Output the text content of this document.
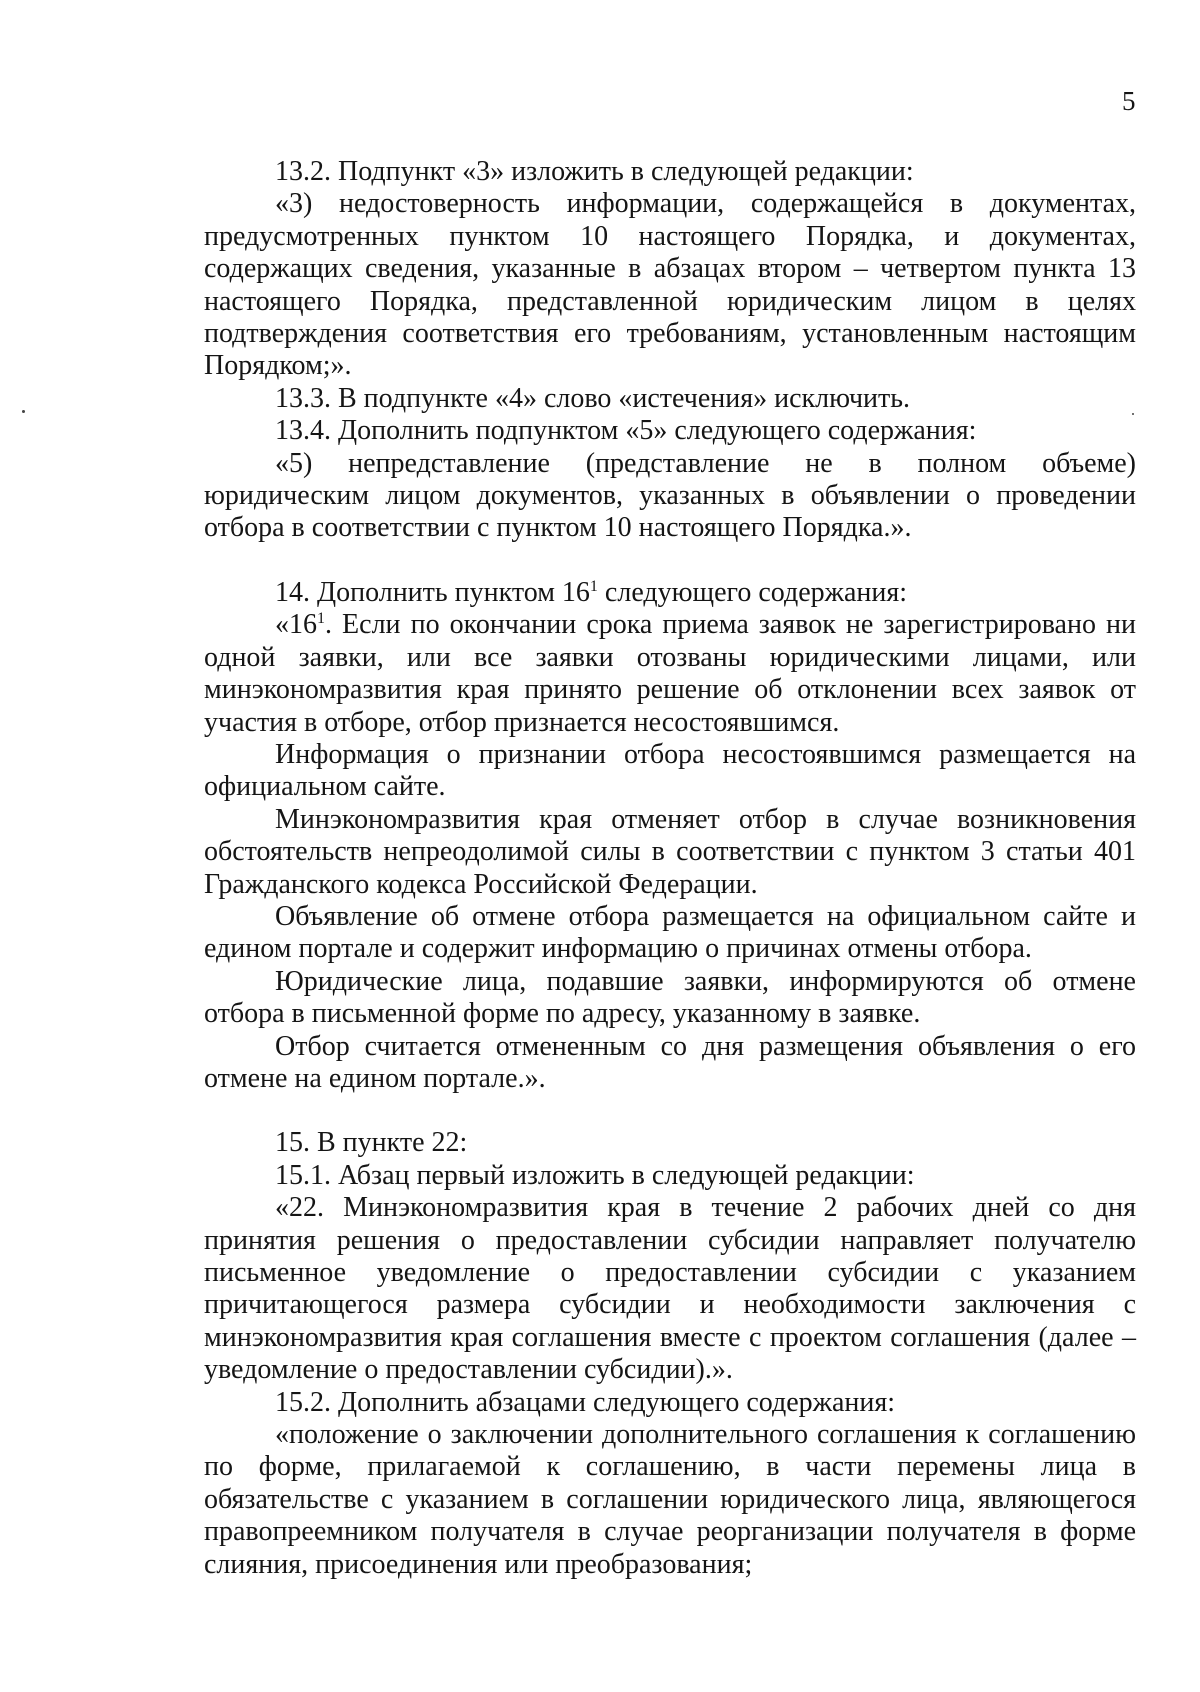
5

13.2. Подпункт «3» изложить в следующей редакции:

«3) недостоверность информации, содержащейся в документах,

предусмотренных пунктом 10 настоящего Порядка, и документах,

содержащих сведения, указанные в абзацах втором – четвертом пункта 13

настоящего Порядка, представленной юридическим лицом в целях

подтверждения соответствия его требованиям, установленным настоящим

Порядком;».

13.3. В подпункте «4» слово «истечения» исключить.

13.4. Дополнить подпунктом «5» следующего содержания:

«5) непредставление (представление не в полном объеме)

юридическим лицом документов, указанных в объявлении о проведении

отбора в соответствии с пунктом 10 настоящего Порядка.».

14. Дополнить пунктом $16^1$ следующего содержания:

«$16^1$. Если по окончании срока приема заявок не зарегистрировано ни

одной заявки, или все заявки отозваны юридическими лицами, или

минэкономразвития края принято решение об отклонении всех заявок от

участия в отборе, отбор признается несостоявшимся.

Информация о признании отбора несостоявшимся размещается на

официальном сайте.

Минэкономразвития края отменяет отбор в случае возникновения

обстоятельств непреодолимой силы в соответствии с пунктом 3 статьи 401

Гражданского кодекса Российской Федерации.

Объявление об отмене отбора размещается на официальном сайте и

едином портале и содержит информацию о причинах отмены отбора.

Юридические лица, подавшие заявки, информируются об отмене

отбора в письменной форме по адресу, указанному в заявке.

Отбор считается отмененным со дня размещения объявления о его

отмене на едином портале.».

15. В пункте 22:

15.1. Абзац первый изложить в следующей редакции:

«22. Минэкономразвития края в течение 2 рабочих дней со дня

принятия решения о предоставлении субсидии направляет получателю

письменное уведомление о предоставлении субсидии с указанием

причитающегося размера субсидии и необходимости заключения с

минэкономразвития края соглашения вместе с проектом соглашения (далее –

уведомление о предоставлении субсидии).».

15.2. Дополнить абзацами следующего содержания:

«положение о заключении дополнительного соглашения к соглашению

по форме, прилагаемой к соглашению, в части перемены лица в

обязательстве с указанием в соглашении юридического лица, являющегося

правопреемником получателя в случае реорганизации получателя в форме

слияния, присоединения или преобразования;
